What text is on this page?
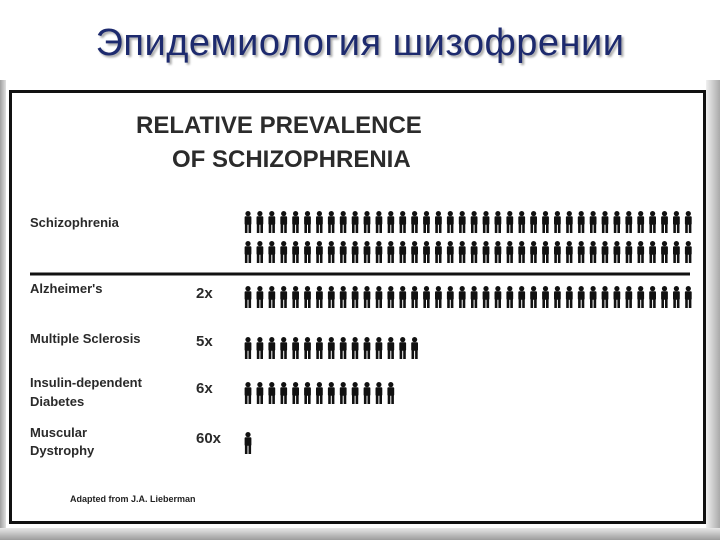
Эпидемиология шизофрении
RELATIVE PREVALENCE
OF SCHIZOPHRENIA
Schizophrenia
Alzheimer's	2x
Multiple Sclerosis	5x
Insulin-dependent
Diabetes
6x
Muscular
Dystrophy
60x
Adapted from J.A. Lieberman
